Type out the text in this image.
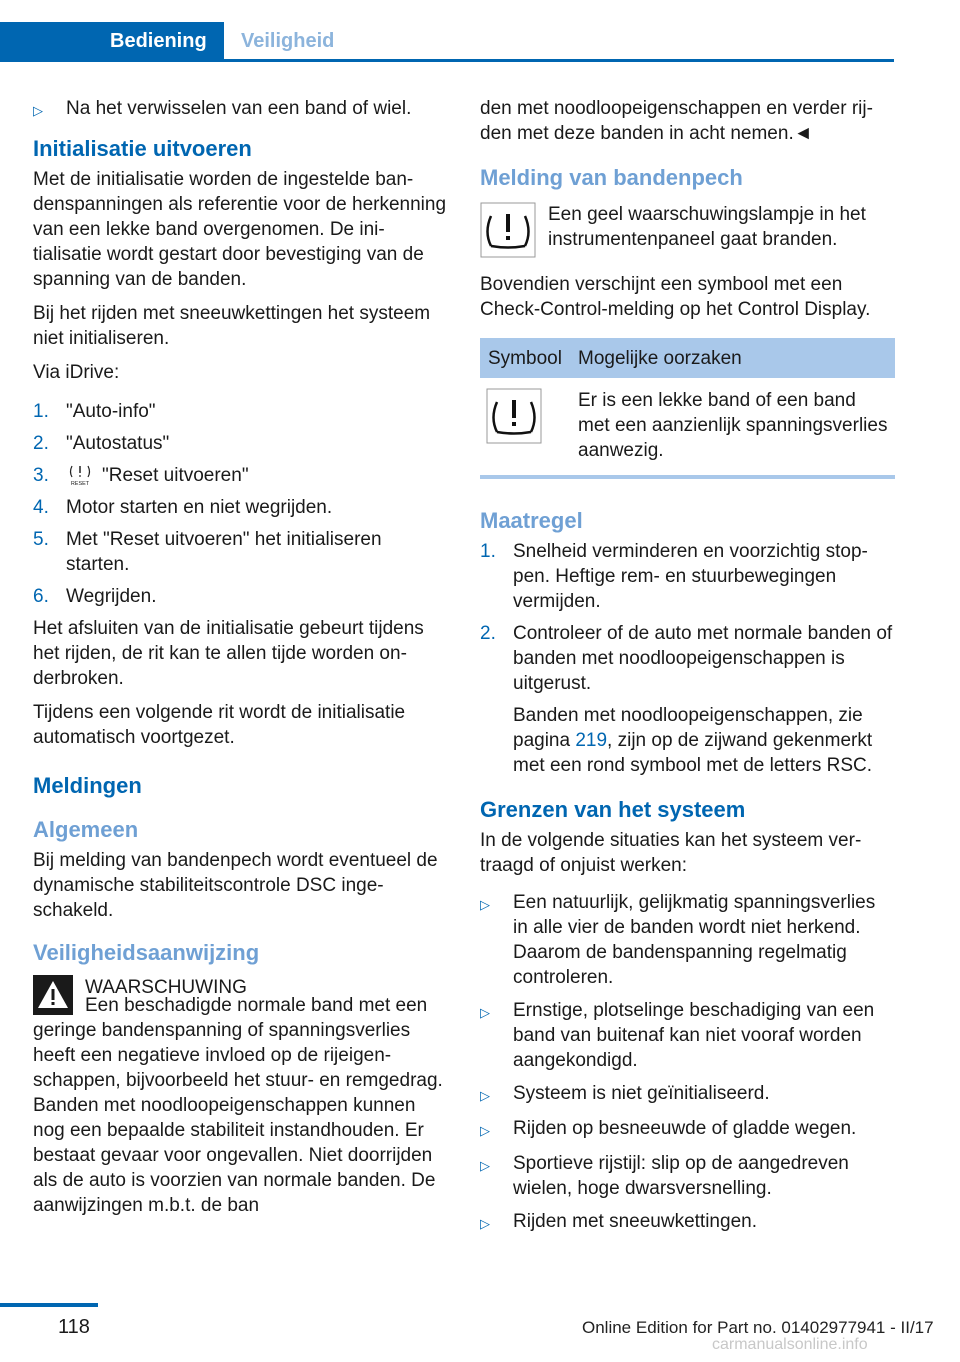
Bediening	Veiligheid
▷	Na het verwisselen van een band of wiel.
Initialisatie uitvoeren

Met de initialisatie worden de ingestelde bandenspanningen als referentie voor de herkenning van een lekke band overgenomen. De initialisatie wordt gestart door bevestiging van de spanning van de banden.

Bij het rijden met sneeuwkettingen het systeem niet initialiseren.

Via iDrive:

1. "Auto-info"
2. "Autostatus"
3.	RESET "Reset uitvoeren"
4. Motor starten en niet wegrijden.
5. Met "Reset uitvoeren" het initialiseren starten.
6. Wegrijden.

Het afsluiten van de initialisatie gebeurt tijdens het rijden, de rit kan te allen tijde worden onderbroken.

Tijdens een volgende rit wordt de initialisatie automatisch voortgezet.

Meldingen
Algemeen

Bij melding van bandenpech wordt eventueel de dynamische stabiliteitscontrole DSC ingeschakeld.

Veiligheidsaanwijzing
WAARSCHUWING

Een beschadigde normale band met een geringe bandenspanning of spanningsverlies heeft een negatieve invloed op de rijeigenschappen, bijvoorbeeld het stuur- en remgedrag. Banden met noodloopeigenschappen kunnen nog een bepaalde stabiliteit instandhouden. Er bestaat gevaar voor ongevallen. Niet doorrijden als de auto is voorzien van normale banden. De aanwijzingen m.b.t. de ban

den met noodloopeigenschappen en verder rijden met deze banden in acht nemen.◄

Melding van bandenpech
Een geel waarschuwingslampje in het instrumentenpaneel gaat branden.

Bovendien verschijnt een symbool met een Check-Control-melding op het Control Display.

Symbool Mogelijke oorzaken
Er is een lekke band of een band met een aanzienlijk spanningsverlies aanwezig.
Maatregel
1. Snelheid verminderen en voorzichtig stoppen. Heftige rem- en stuurbewegingen vermijden.
2. Controleer of de auto met normale banden of banden met noodloopeigenschappen is uitgerust.

Banden met noodloopeigenschappen, zie pagina 219, zijn op de zijwand gekenmerkt met een rond symbool met de letters RSC.

Grenzen van het systeem

In de volgende situaties kan het systeem vertraagd of onjuist werken:

▷	Een natuurlijk, gelijkmatig spanningsverlies in alle vier de banden wordt niet herkend. Daarom de bandenspanning regelmatig controleren.
▷	Ernstige, plotselinge beschadiging van een band van buitenaf kan niet vooraf worden aangekondigd.
▷	Systeem is niet geïnitialiseerd.
▷	Rijden op besneeuwde of gladde wegen.
▷	Sportieve rijstijl: slip op de aangedreven wielen, hoge dwarsversnelling.
▷	Rijden met sneeuwkettingen.
118	Online Edition for Part no. 01402977941 - II/17
carmanualsonline.info
